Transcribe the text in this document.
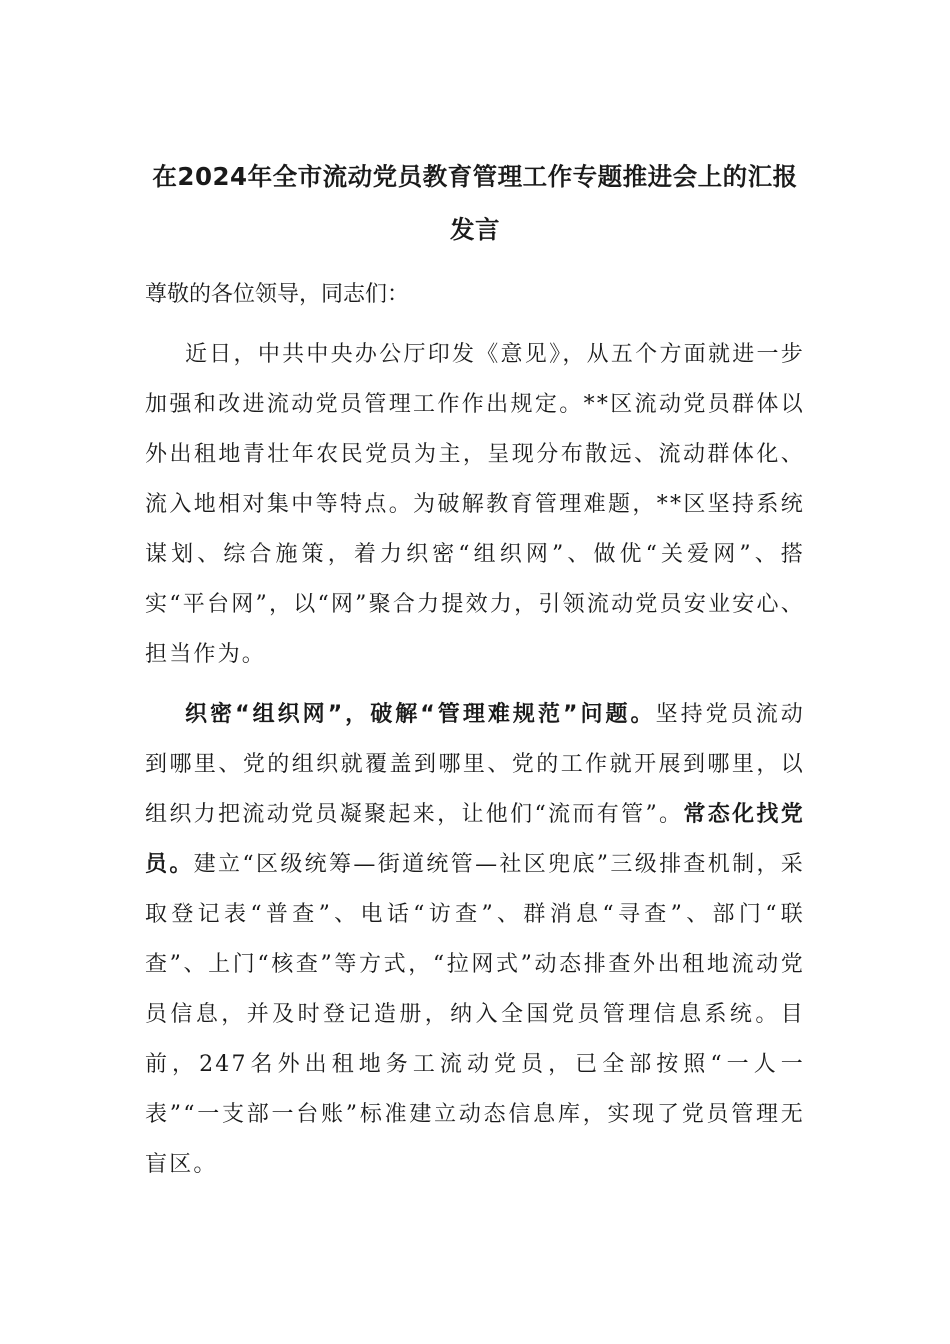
在2024年全市流动党员教育管理工作专题推进会上的汇报发言

尊敬的各位领导，同志们：

近日，中共中央办公厅印发《意见》，从五个方面就进一步加强和改进流动党员管理工作作出规定。**区流动党员群体以外出租地青壮年农民党员为主，呈现分布散远、流动群体化、流入地相对集中等特点。为破解教育管理难题，**区坚持系统谋划、综合施策，着力织密“组织网”、做优“关爱网”、搭实“平台网”，以“网”聚合力提效力，引领流动党员安业安心、担当作为。

织密“组织网”，破解“管理难规范”问题。坚持党员流动到哪里、党的组织就覆盖到哪里、党的工作就开展到哪里，以组织力把流动党员凝聚起来，让他们“流而有管”。常态化找党员。建立“区级统筹—街道统管—社区兜底”三级排查机制，采取登记表“普查”、电话“访查”、群消息“寻查”、部门“联查”、上门“核查”等方式，“拉网式”动态排查外出租地流动党员信息，并及时登记造册，纳入全国党员管理信息系统。目前，247名外出租地务工流动党员，已全部按照“一人一表”“一支部一台账”标准建立动态信息库，实现了党员管理无盲区。
